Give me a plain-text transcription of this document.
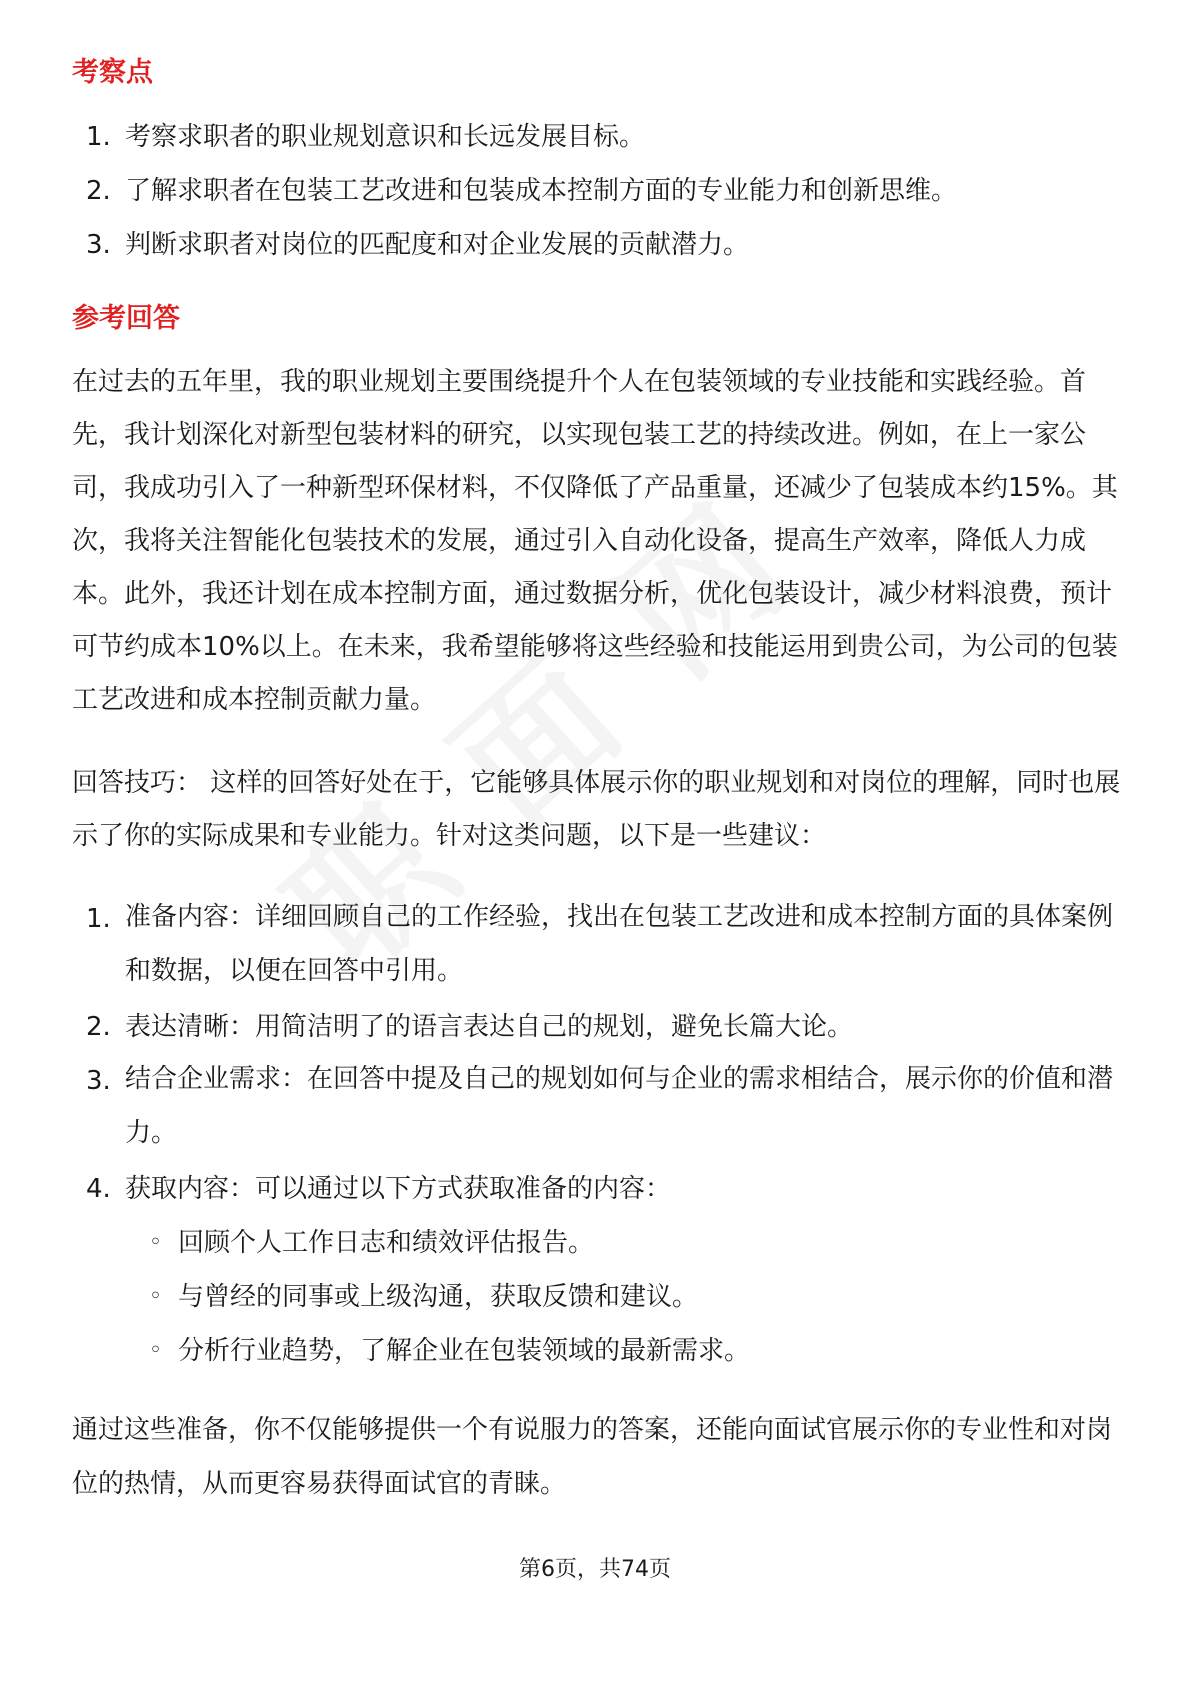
考察点
1. 考察求职者的职业规划意识和长远发展目标。
2. 了解求职者在包装工艺改进和包装成本控制方面的专业能力和创新思维。
3. 判断求职者对岗位的匹配度和对企业发展的贡献潜力。
参考回答
在过去的五年里，我的职业规划主要围绕提升个人在包装领域的专业技能和实践经验。首先，我计划深化对新型包装材料的研究，以实现包装工艺的持续改进。例如，在上一家公司，我成功引入了一种新型环保材料，不仅降低了产品重量，还减少了包装成本约15%。其次，我将关注智能化包装技术的发展，通过引入自动化设备，提高生产效率，降低人力成本。此外，我还计划在成本控制方面，通过数据分析，优化包装设计，减少材料浪费，预计可节约成本10%以上。在未来，我希望能够将这些经验和技能运用到贵公司，为公司的包装工艺改进和成本控制贡献力量。
回答技巧： 这样的回答好处在于，它能够具体展示你的职业规划和对岗位的理解，同时也展示了你的实际成果和专业能力。针对这类问题，以下是一些建议：
1. 准备内容：详细回顾自己的工作经验，找出在包装工艺改进和成本控制方面的具体案例和数据，以便在回答中引用。
2. 表达清晰：用简洁明了的语言表达自己的规划，避免长篇大论。
3. 结合企业需求：在回答中提及自己的规划如何与企业的需求相结合，展示你的价值和潜力。
4. 获取内容：可以通过以下方式获取准备的内容：
◦ 回顾个人工作日志和绩效评估报告。
◦ 与曾经的同事或上级沟通，获取反馈和建议。
◦ 分析行业趋势，了解企业在包装领域的最新需求。
通过这些准备，你不仅能够提供一个有说服力的答案，还能向面试官展示你的专业性和对岗位的热情，从而更容易获得面试官的青睐。
第6页，共74页
